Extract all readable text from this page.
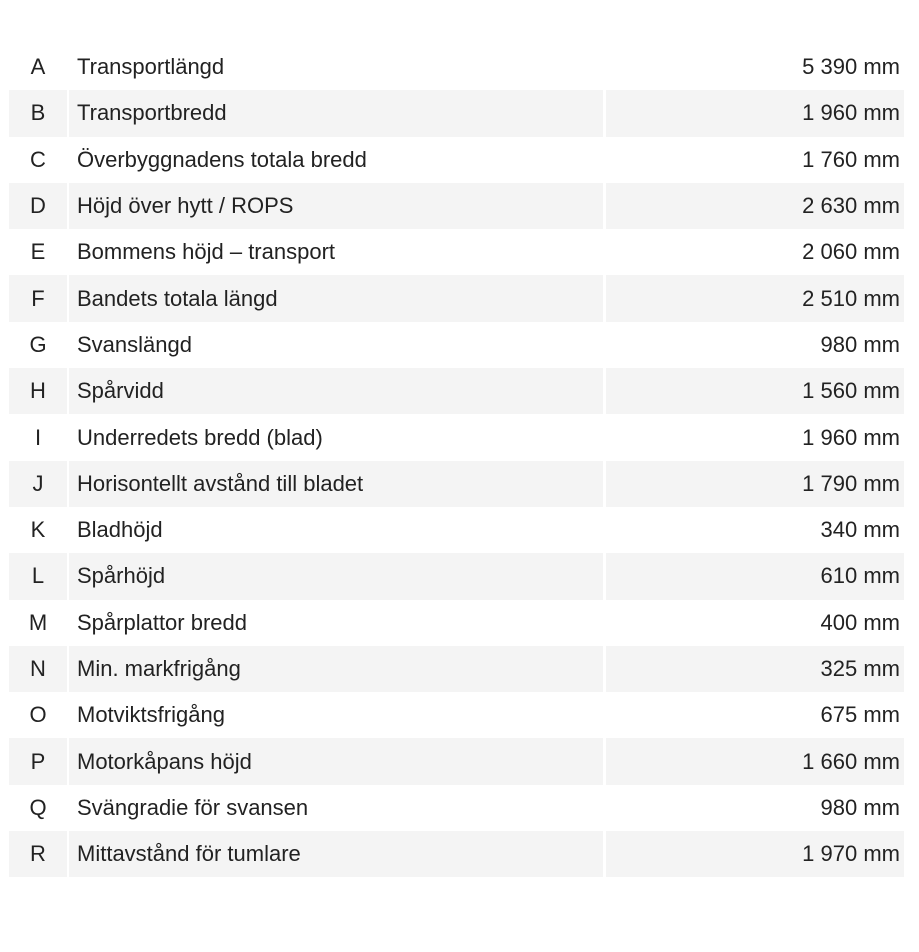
A	Transportlängd	5 390 mm
B	Transportbredd	1 960 mm
C	Överbyggnadens totala bredd	1 760 mm
D	Höjd över hytt / ROPS	2 630 mm
E	Bommens höjd – transport	2 060 mm
F	Bandets totala längd	2 510 mm
G	Svanslängd	980 mm
H	Spårvidd	1 560 mm
I	Underredets bredd (blad)	1 960 mm
J	Horisontellt avstånd till bladet	1 790 mm
K	Bladhöjd	340 mm
L	Spårhöjd	610 mm
M	Spårplattor bredd	400 mm
N	Min. markfrigång	325 mm
O	Motviktsfrigång	675 mm
P	Motorkåpans höjd	1 660 mm
Q	Svängradie för svansen	980 mm
R	Mittavstånd för tumlare	1 970 mm
